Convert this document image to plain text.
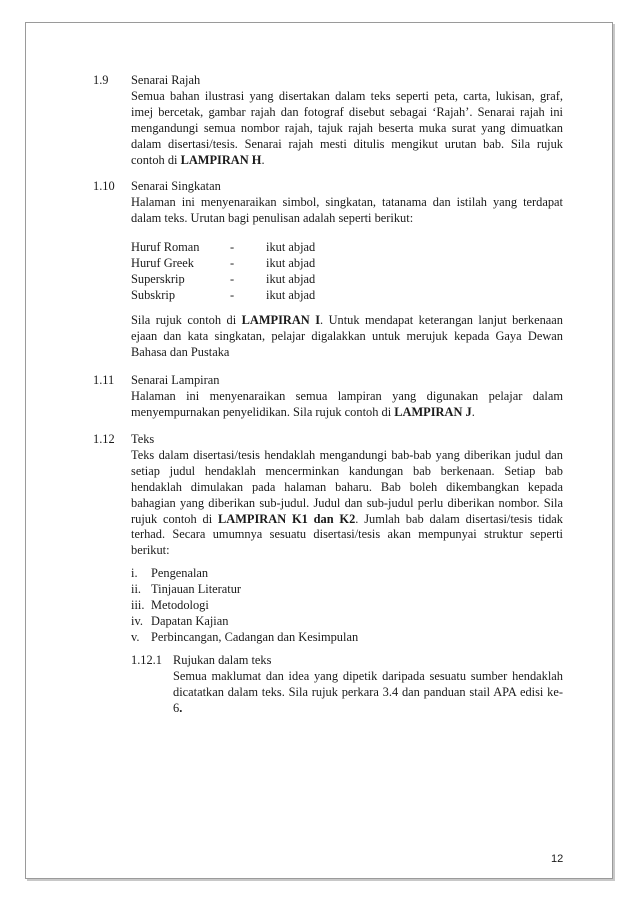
1.9 Senarai Rajah

Semua bahan ilustrasi yang disertakan dalam teks seperti peta, carta, lukisan, graf, imej bercetak, gambar rajah dan fotograf disebut sebagai ‘Rajah’. Senarai rajah ini mengandungi semua nombor rajah, tajuk rajah beserta muka surat yang dimuatkan dalam disertasi/tesis. Senarai rajah mesti ditulis mengikut urutan bab. Sila rujuk contoh di LAMPIRAN H.

1.10 Senarai Singkatan

Halaman ini menyenaraikan simbol, singkatan, tatanama dan istilah yang terdapat dalam teks. Urutan bagi penulisan adalah seperti berikut:

Huruf Roman -	ikut abjad
Huruf Greek	-	ikut abjad
Superskrip	-	ikut abjad
Subskrip	-	ikut abjad

Sila rujuk contoh di LAMPIRAN I. Untuk mendapat keterangan lanjut berkenaan ejaan dan kata singkatan, pelajar digalakkan untuk merujuk kepada Gaya Dewan Bahasa dan Pustaka

1.11 Senarai Lampiran

Halaman ini menyenaraikan semua lampiran yang digunakan pelajar dalam menyempurnakan penyelidikan. Sila rujuk contoh di LAMPIRAN J.

1.12 Teks

Teks dalam disertasi/tesis hendaklah mengandungi bab-bab yang diberikan judul dan setiap judul hendaklah mencerminkan kandungan bab berkenaan. Setiap bab hendaklah dimulakan pada halaman baharu. Bab boleh dikembangkan kepada bahagian yang diberikan sub-judul. Judul dan sub-judul perlu diberikan nombor. Sila rujuk contoh di LAMPIRAN K1 dan K2. Jumlah bab dalam disertasi/tesis tidak terhad. Secara umumnya sesuatu disertasi/tesis akan mempunyai struktur seperti berikut:

i. Pengenalan
ii. Tinjauan Literatur
iii. Metodologi
iv. Dapatan Kajian
v. Perbincangan, Cadangan dan Kesimpulan
1.12.1 Rujukan dalam teks

Semua maklumat dan idea yang dipetik daripada sesuatu sumber hendaklah dicatatkan dalam teks. Sila rujuk perkara 3.4 dan panduan stail APA edisi ke-6.

12
